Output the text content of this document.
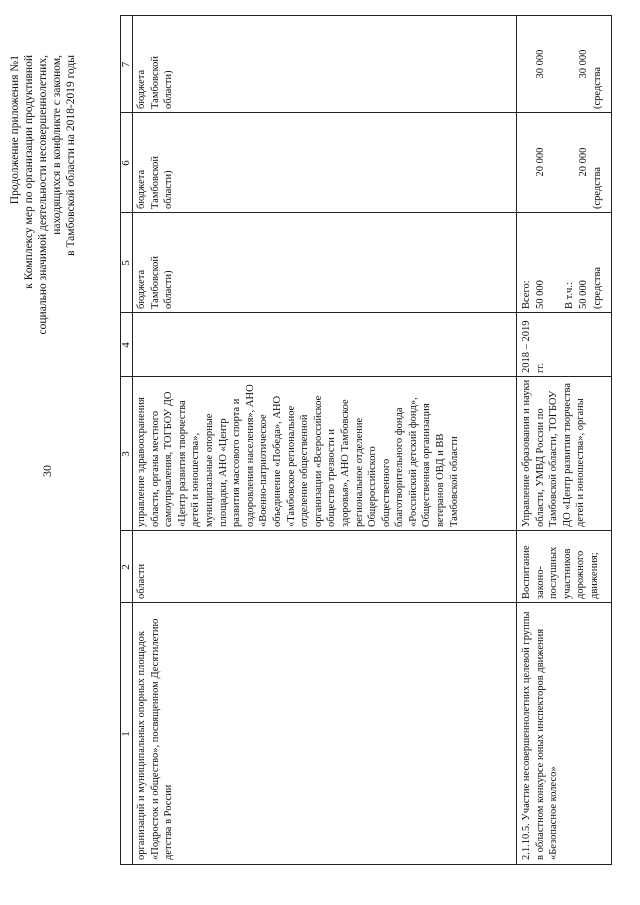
30
Продолжение приложения №1 к Комплексу мер по организации продуктивной социально значимой деятельности несовершеннолетних, находящихся в конфликте с законом, в Тамбовской области на 2018-2019 годы
1
2
3
4
5
6
7
организаций и муниципальных опорных площадок «Подросток и общество», посвященном Десятилетию детства в России
области
управление здравоохранения области, органы местного самоуправления, ТОГБОУ ДО «Центр развития творчества детей и юношества», муниципальные опорные площадки, АНО «Центр развития массового спорта и оздоровления населения», АНО «Военно-патриотическое объединение «Победа», АНО «Тамбовское региональное отделение общественной организации «Всероссийское общество трезвости и здоровья», АНО Тамбовское региональное отделение Общероссийского общественного благотворительного фонда «Российский детский фонд», Общественная организация ветеранов ОВД и ВВ Тамбовской области
бюджета Тамбовской области)
бюджета Тамбовской области)
бюджета Тамбовской области)
2.1.10.5. Участие несовершеннолетних целевой группы в областном конкурсе юных инспекторов движения «Безопасное колесо»
Воспитание законо-послушных участников дорожного движения;
Управление образования и науки области, УМВД России по Тамбовской области, ТОГБОУ ДО «Центр развития творчества детей и юношества», органы
2018 – 2019 гг.
Всего: 50 000 В т.ч.: 50 000 (средства
20 000	20 000
(средства
30 000	30 000
(средства
